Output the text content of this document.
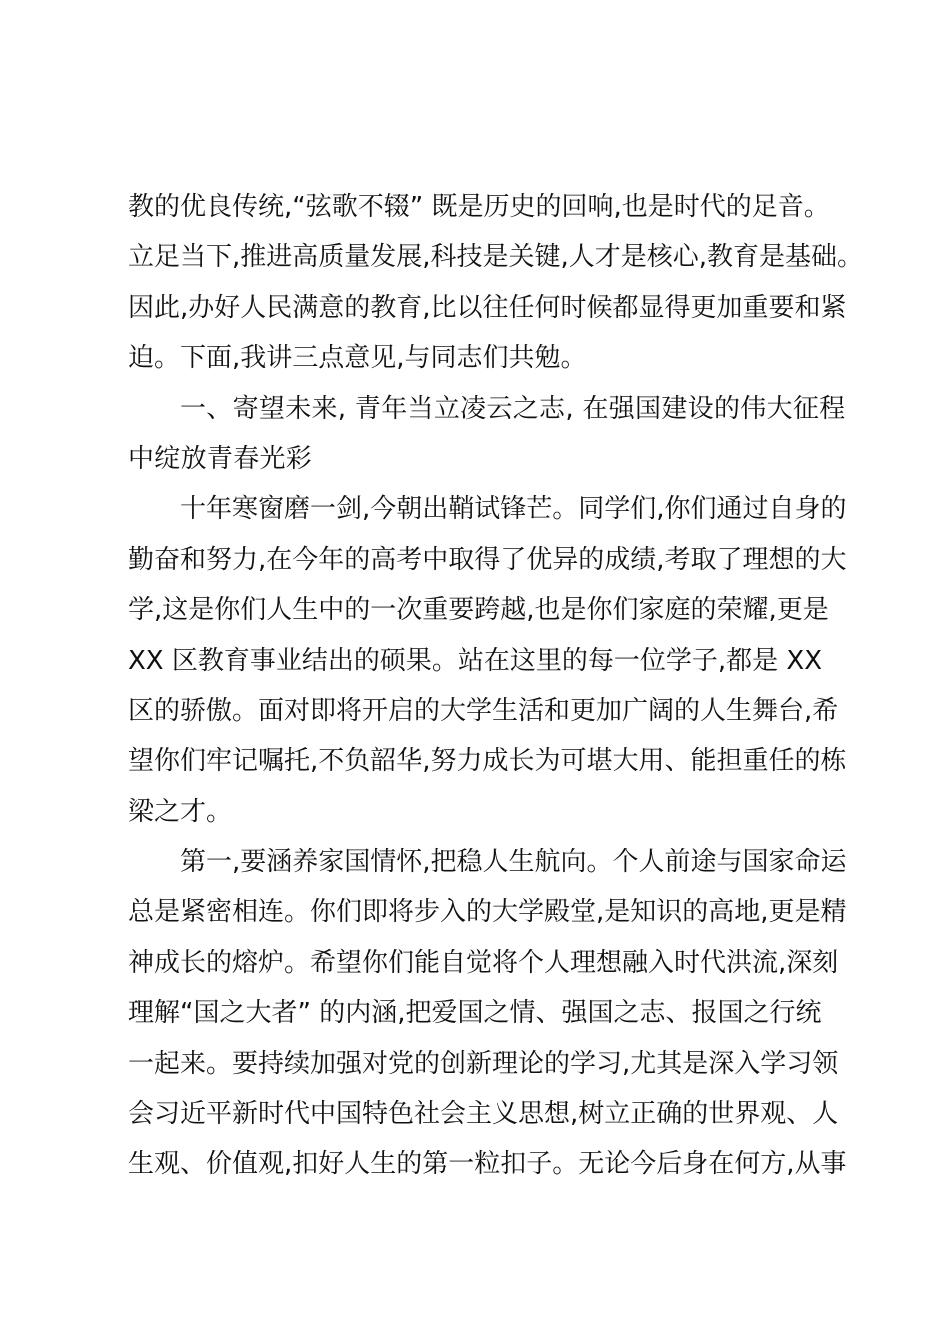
教的优良传统,“弦歌不辍” 既是历史的回响,也是时代的足音。
立足当下,推进高质量发展,科技是关键,人才是核心,教育是基础。
因此,办好人民满意的教育,比以往任何时候都显得更加重要和紧
迫。下面,我讲三点意见,与同志们共勉。
一、寄望未来, 青年当立凌云之志, 在强国建设的伟大征程
中绽放青春光彩
十年寒窗磨一剑,今朝出鞘试锋芒。同学们,你们通过自身的
勤奋和努力,在今年的高考中取得了优异的成绩,考取了理想的大
学,这是你们人生中的一次重要跨越,也是你们家庭的荣耀,更是
XX 区教育事业结出的硕果。站在这里的每一位学子,都是 XX
区的骄傲。面对即将开启的大学生活和更加广阔的人生舞台,希
望你们牢记嘱托,不负韶华,努力成长为可堪大用、能担重任的栋
梁之才。
第一,要涵养家国情怀,把稳人生航向。个人前途与国家命运
总是紧密相连。你们即将步入的大学殿堂,是知识的高地,更是精
神成长的熔炉。希望你们能自觉将个人理想融入时代洪流,深刻
理解“国之大者” 的内涵,把爱国之情、强国之志、报国之行统
一起来。要持续加强对党的创新理论的学习,尤其是深入学习领
会习近平新时代中国特色社会主义思想,树立正确的世界观、人
生观、价值观,扣好人生的第一粒扣子。无论今后身在何方,从事
